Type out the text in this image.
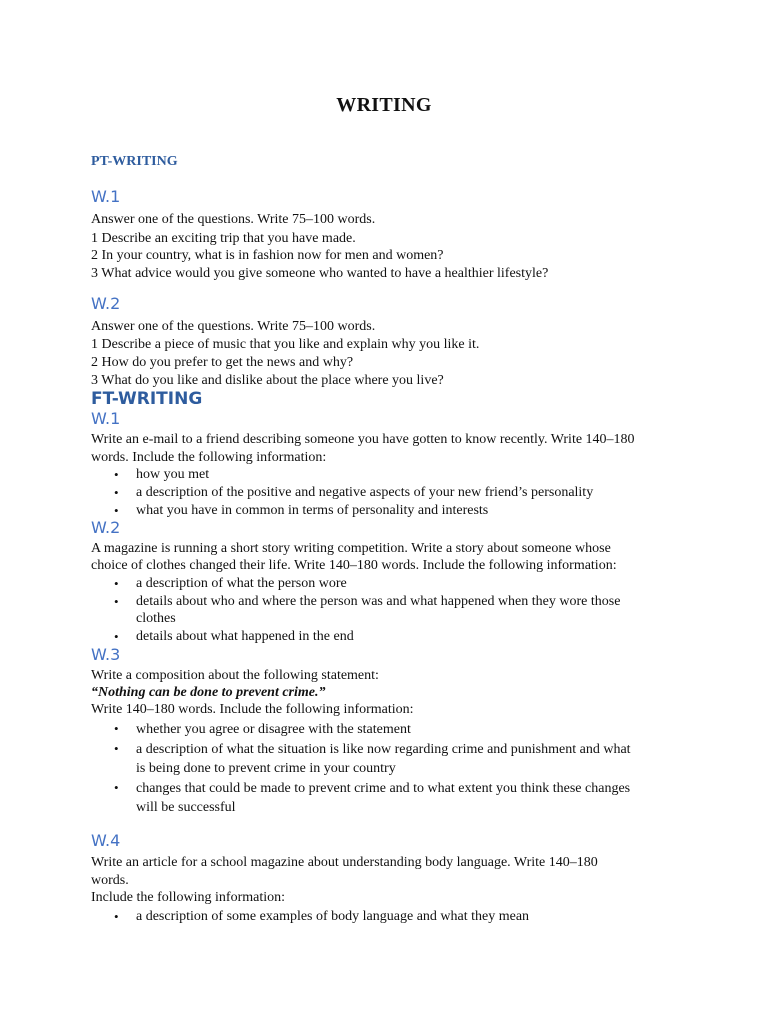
WRITING
PT-WRITING
W.1
Answer one of the questions. Write 75–100 words.
1 Describe an exciting trip that you have made.
2 In your country, what is in fashion now for men and women?
3 What advice would you give someone who wanted to have a healthier lifestyle?
W.2
Answer one of the questions. Write 75–100 words.
1 Describe a piece of music that you like and explain why you like it.
2 How do you prefer to get the news and why?
3 What do you like and dislike about the place where you live?
FT-WRITING
W.1
Write an e-mail to a friend describing someone you have gotten to know recently. Write 140–180
words. Include the following information:
• how you met
• a description of the positive and negative aspects of your new friend’s personality
• what you have in common in terms of personality and interests
W.2
A magazine is running a short story writing competition. Write a story about someone whose
choice of clothes changed their life. Write 140–180 words. Include the following information:
• a description of what the person wore
• details about who and where the person was and what happened when they wore those
clothes
• details about what happened in the end
W.3
Write a composition about the following statement:
“Nothing can be done to prevent crime.”
Write 140–180 words. Include the following information:
• whether you agree or disagree with the statement
• a description of what the situation is like now regarding crime and punishment and what
is being done to prevent crime in your country
• changes that could be made to prevent crime and to what extent you think these changes
will be successful
W.4
Write an article for a school magazine about understanding body language. Write 140–180
words.
Include the following information:
• a description of some examples of body language and what they mean
